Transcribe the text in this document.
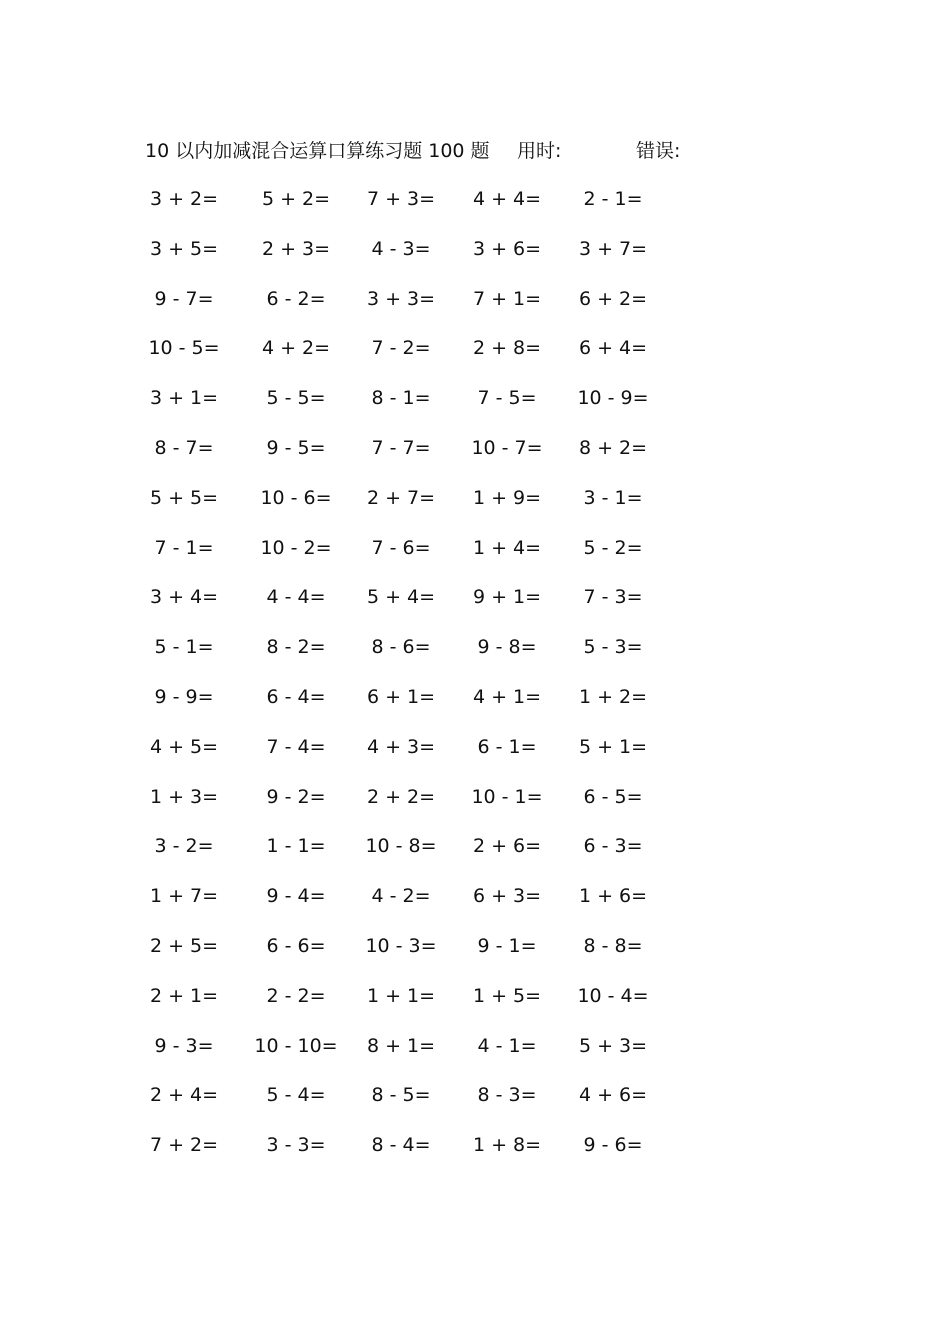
10 以内加减混合运算口算练习题 100 题 用时:	错误:
3 + 2=	5 + 2=	7 + 3=	4 + 4=	2 - 1=
3 + 5=	2 + 3=	4 - 3=	3 + 6=	3 + 7=
9 - 7=	6 - 2=	3 + 3=	7 + 1=	6 + 2=
10 - 5=	4 + 2=	7 - 2=	2 + 8=	6 + 4=
3 + 1=	5 - 5=	8 - 1=	7 - 5=	10 - 9=
8 - 7=	9 - 5=	7 - 7=	10 - 7=	8 + 2=
5 + 5=	10 - 6=	2 + 7=	1 + 9=	3 - 1=
7 - 1=	10 - 2=	7 - 6=	1 + 4=	5 - 2=
3 + 4=	4 - 4=	5 + 4=	9 + 1=	7 - 3=
5 - 1=	8 - 2=	8 - 6=	9 - 8=	5 - 3=
9 - 9=	6 - 4=	6 + 1=	4 + 1=	1 + 2=
4 + 5=	7 - 4=	4 + 3=	6 - 1=	5 + 1=
1 + 3=	9 - 2=	2 + 2=	10 - 1=	6 - 5=
3 - 2=	1 - 1=	10 - 8=	2 + 6=	6 - 3=
1 + 7=	9 - 4=	4 - 2=	6 + 3=	1 + 6=
2 + 5=	6 - 6=	10 - 3=	9 - 1=	8 - 8=
2 + 1=	2 - 2=	1 + 1=	1 + 5=	10 - 4=
9 - 3=	10 - 10=	8 + 1=	4 - 1=	5 + 3=
2 + 4=	5 - 4=	8 - 5=	8 - 3=	4 + 6=
7 + 2=	3 - 3=	8 - 4=	1 + 8=	9 - 6=
